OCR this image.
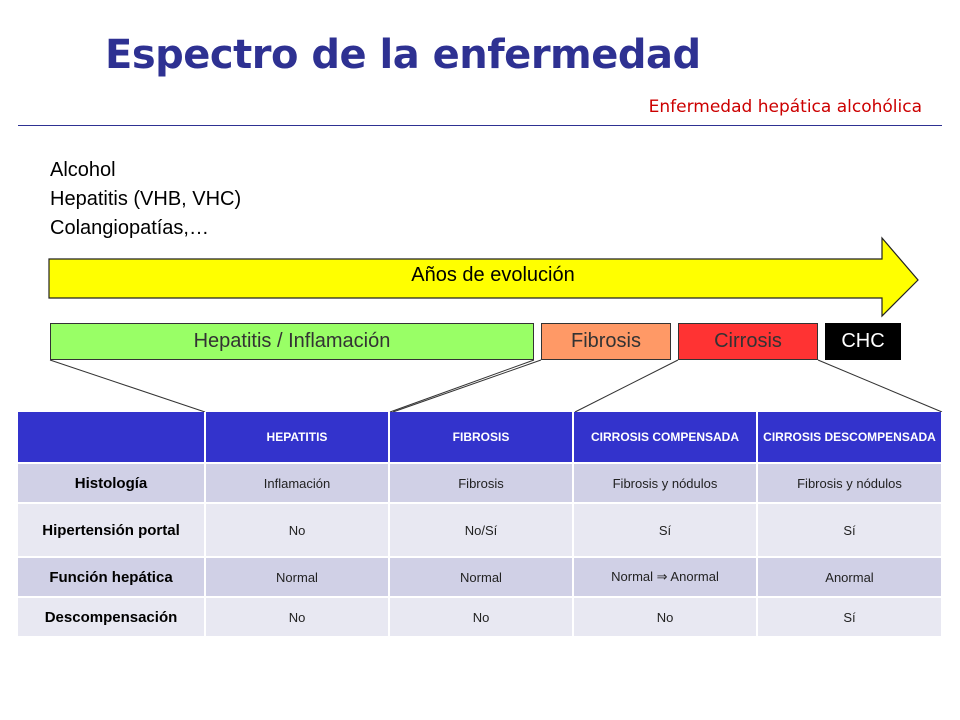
Espectro de la enfermedad
Enfermedad hepática alcohólica
Alcohol
Hepatitis (VHB, VHC)
Colangiopatías,…
Años de evolución
Hepatitis / Inflamación	Fibrosis	Cirrosis	CHC
	HEPATITIS	FIBROSIS	CIRROSIS COMPENSADA	CIRROSIS DESCOMPENSADA
Histología	Inflamación	Fibrosis	Fibrosis y nódulos	Fibrosis y nódulos
Hipertensión portal	No	No/Sí	Sí	Sí
Función hepática	Normal	Normal	Normal ⇒ Anormal	Anormal
Descompensación	No	No	No	Sí
